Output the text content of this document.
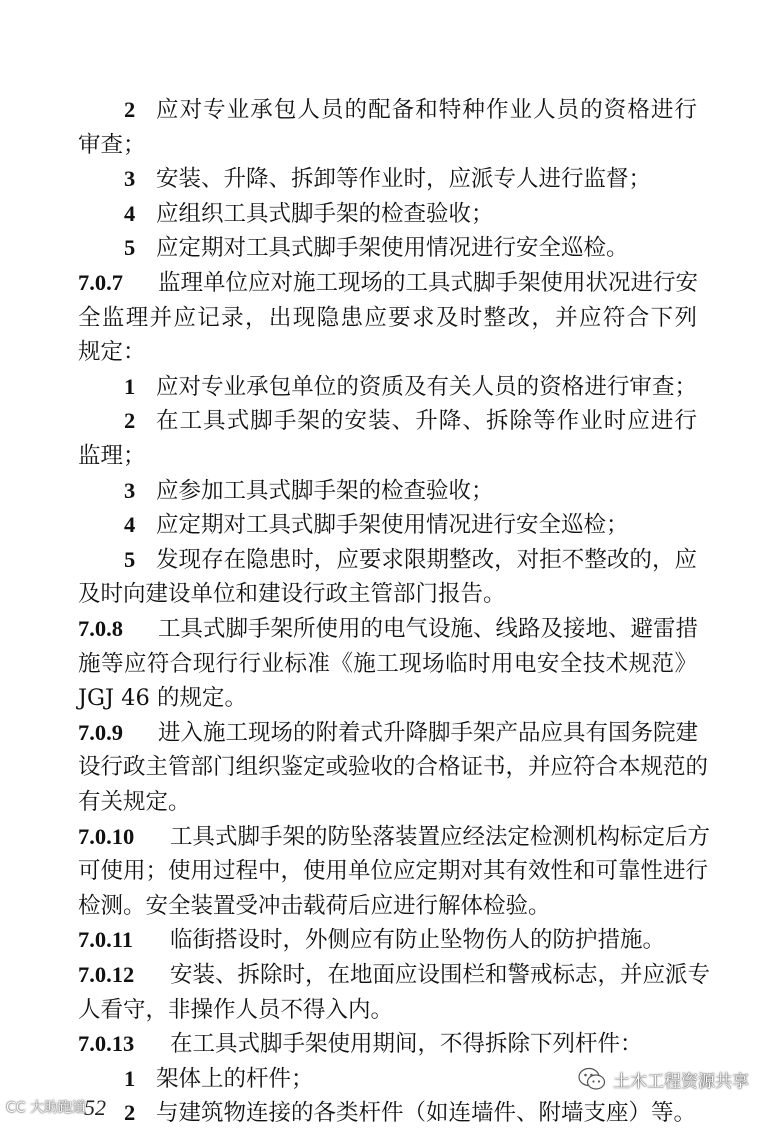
2 应对专业承包人员的配备和特种作业人员的资格进行
审查；
3 安装、升降、拆卸等作业时，应派专人进行监督；
4 应组织工具式脚手架的检查验收；
5 应定期对工具式脚手架使用情况进行安全巡检。
7.0.7	监理单位应对施工现场的工具式脚手架使用状况进行安
全监理并应记录，出现隐患应要求及时整改，并应符合下列
规定：
1 应对专业承包单位的资质及有关人员的资格进行审查；
2 在工具式脚手架的安装、升降、拆除等作业时应进行
监理；
3 应参加工具式脚手架的检查验收；
4 应定期对工具式脚手架使用情况进行安全巡检；
5 发现存在隐患时，应要求限期整改，对拒不整改的，应
及时向建设单位和建设行政主管部门报告。
7.0.8	工具式脚手架所使用的电气设施、线路及接地、避雷措
施等应符合现行行业标准《施工现场临时用电安全技术规范》
JGJ 46 的规定。
7.0.9	进入施工现场的附着式升降脚手架产品应具有国务院建
设行政主管部门组织鉴定或验收的合格证书，并应符合本规范的
有关规定。
7.0.10	工具式脚手架的防坠落装置应经法定检测机构标定后方
可使用；使用过程中，使用单位应定期对其有效性和可靠性进行
检测。安全装置受冲击载荷后应进行解体检验。
7.0.11	临街搭设时，外侧应有防止坠物伤人的防护措施。
7.0.12	安装、拆除时，在地面应设围栏和警戒标志，并应派专
人看守，非操作人员不得入内。
7.0.13	在工具式脚手架使用期间，不得拆除下列杆件：
1 架体上的杆件；
2 与建筑物连接的各类杆件（如连墙件、附墙支座）等。
52
CC 大助跑道
土木工程资源共享
